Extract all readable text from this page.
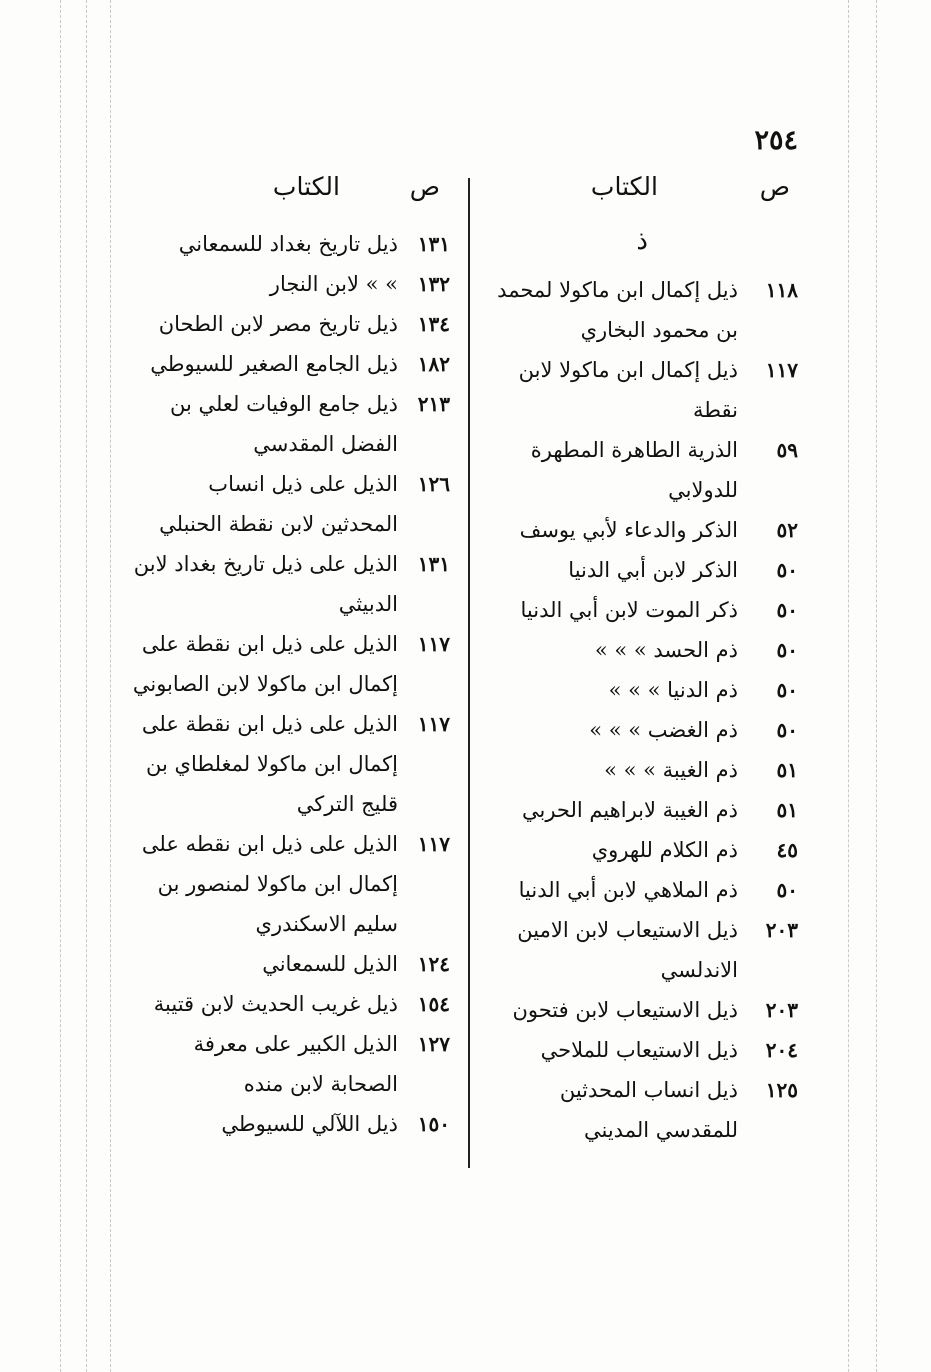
٢٥٤
ص
الكتاب
ذ
١١٨
ذيل إكمال ابن ماكولا لمحمد بن محمود البخاري
١١٧
ذيل إكمال ابن ماكولا لابن نقطة
٥٩
الذرية الطاهرة المطهرة للدولابي
٥٢
الذكر والدعاء لأبي يوسف
٥٠
الذكر لابن أبي الدنيا
٥٠
ذكر الموت لابن أبي الدنيا
٥٠
ذم الحسد » » »
٥٠
ذم الدنيا » » »
٥٠
ذم الغضب » » »
٥١
ذم الغيبة » » »
٥١
ذم الغيبة لابراهيم الحربي
٤٥
ذم الكلام للهروي
٥٠
ذم الملاهي لابن أبي الدنيا
٢٠٣
ذيل الاستيعاب لابن الامين الاندلسي
٢٠٣
ذيل الاستيعاب لابن فتحون
٢٠٤
ذيل الاستيعاب للملاحي
١٢٥
ذيل انساب المحدثين للمقدسي المديني
ص
الكتاب
١٣١
ذيل تاريخ بغداد للسمعاني
١٣٢
» » لابن النجار
١٣٤
ذيل تاريخ مصر لابن الطحان
١٨٢
ذيل الجامع الصغير للسيوطي
٢١٣
ذيل جامع الوفيات لعلي بن الفضل المقدسي
١٢٦
الذيل على ذيل انساب المحدثين لابن نقطة الحنبلي
١٣١
الذيل على ذيل تاريخ بغداد لابن الدبيثي
١١٧
الذيل على ذيل ابن نقطة على إكمال ابن ماكولا لابن الصابوني
١١٧
الذيل على ذيل ابن نقطة على إكمال ابن ماكولا لمغلطاي بن قليج التركي
١١٧
الذيل على ذيل ابن نقطه على إكمال ابن ماكولا لمنصور بن سليم الاسكندري
١٢٤
الذيل للسمعاني
١٥٤
ذيل غريب الحديث لابن قتيبة
١٢٧
الذيل الكبير على معرفة الصحابة لابن منده
١٥٠
ذيل اللآلي للسيوطي
